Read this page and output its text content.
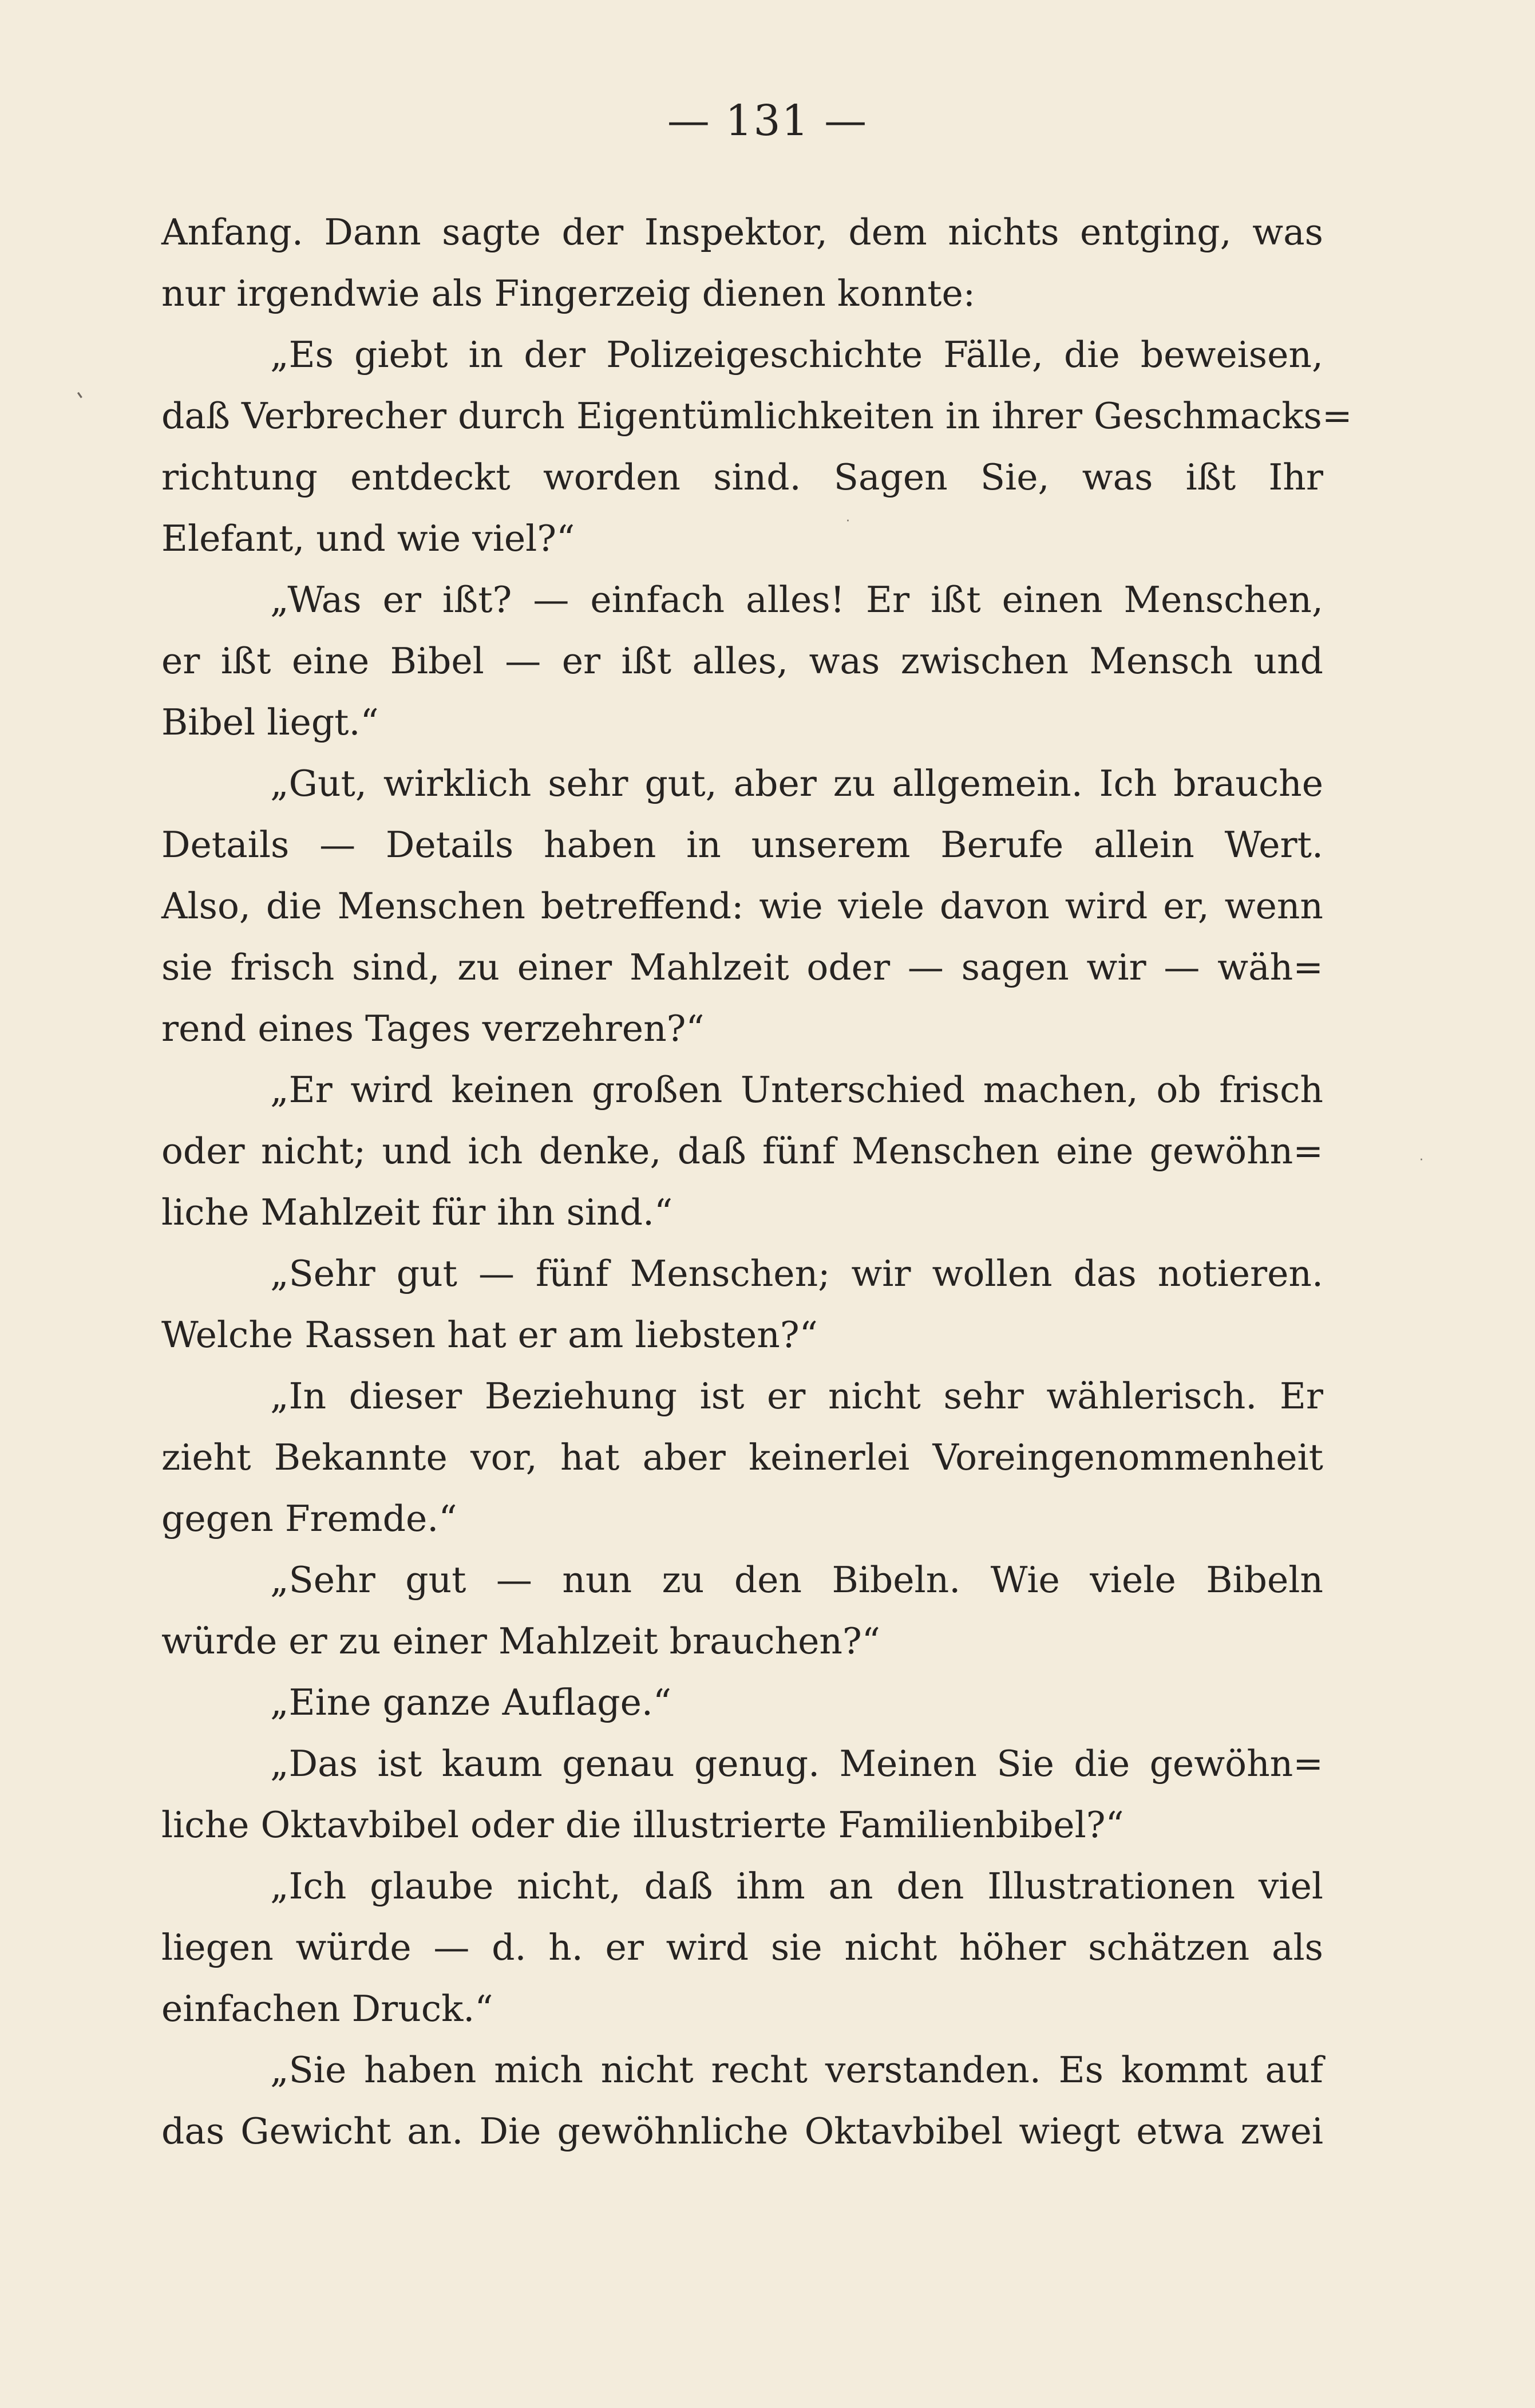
— 131 —
'
·
·
Anfang. Dann sagte der Inspektor, dem nichts entging, was
nur irgendwie als Fingerzeig dienen konnte:
„Es giebt in der Polizeigeschichte Fälle, die beweisen,
daß Verbrecher durch Eigentümlichkeiten in ihrer Geschmacks=
richtung entdeckt worden sind. Sagen Sie, was ißt Ihr
Elefant, und wie viel?“
„Was er ißt? — einfach alles! Er ißt einen Menschen,
er ißt eine Bibel — er ißt alles, was zwischen Mensch und
Bibel liegt.“
„Gut, wirklich sehr gut, aber zu allgemein. Ich brauche
Details — Details haben in unserem Berufe allein Wert.
Also, die Menschen betreffend: wie viele davon wird er, wenn
sie frisch sind, zu einer Mahlzeit oder — sagen wir — wäh=
rend eines Tages verzehren?“
„Er wird keinen großen Unterschied machen, ob frisch
oder nicht; und ich denke, daß fünf Menschen eine gewöhn=
liche Mahlzeit für ihn sind.“
„Sehr gut — fünf Menschen; wir wollen das notieren.
Welche Rassen hat er am liebsten?“
„In dieser Beziehung ist er nicht sehr wählerisch. Er
zieht Bekannte vor, hat aber keinerlei Voreingenommenheit
gegen Fremde.“
„Sehr gut — nun zu den Bibeln. Wie viele Bibeln
würde er zu einer Mahlzeit brauchen?“
„Eine ganze Auflage.“
„Das ist kaum genau genug. Meinen Sie die gewöhn=
liche Oktavbibel oder die illustrierte Familienbibel?“
„Ich glaube nicht, daß ihm an den Illustrationen viel
liegen würde — d. h. er wird sie nicht höher schätzen als
einfachen Druck.“
„Sie haben mich nicht recht verstanden. Es kommt auf
das Gewicht an. Die gewöhnliche Oktavbibel wiegt etwa zwei
